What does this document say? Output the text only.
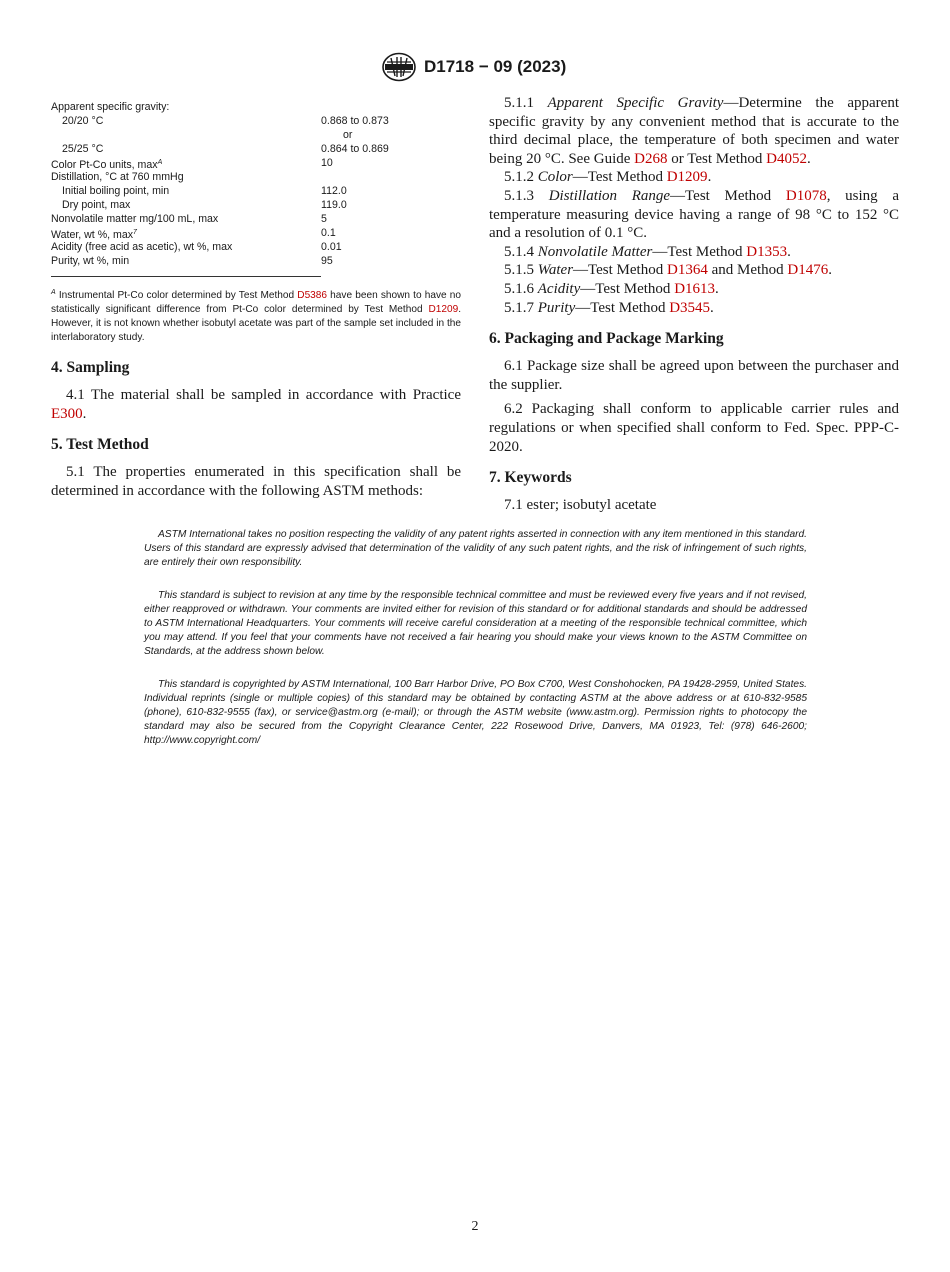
D1718 − 09 (2023)
Apparent specific gravity:
20/20 °C	0.868 to 0.873
or
25/25 °C	0.864 to 0.869
Color Pt-Co units, $\max^A$	10
Distillation, °C at 760 mmHg
Initial boiling point, min	112.0
Dry point, max	119.0
Nonvolatile matter mg/100 mL, max	5
Water, wt %, $\max^7$	0.1
Acidity (free acid as acetic), wt %, max	0.01
Purity, wt %, min	95
$^A$ Instrumental Pt-Co color determined by Test Method D5386 have been shown to have no statistically significant difference from Pt-Co color determined by Test Method D1209. However, it is not known whether isobutyl acetate was part of the sample set included in the interlaboratory study.
4. Sampling

4.1 The material shall be sampled in accordance with Practice E300.

5. Test Method

5.1 The properties enumerated in this specification shall be determined in accordance with the following ASTM methods:

5.1.1 Apparent Specific Gravity—Determine the apparent specific gravity by any convenient method that is accurate to the third decimal place, the temperature of both specimen and water being 20 °C. See Guide D268 or Test Method D4052.

5.1.2 Color—Test Method D1209.

5.1.3 Distillation Range—Test Method D1078, using a temperature measuring device having a range of 98 °C to 152 °C and a resolution of 0.1 °C.

5.1.4 Nonvolatile Matter—Test Method D1353.

5.1.5 Water—Test Method D1364 and Method D1476.

5.1.6 Acidity—Test Method D1613.

5.1.7 Purity—Test Method D3545.

6. Packaging and Package Marking

6.1 Package size shall be agreed upon between the purchaser and the supplier.

6.2 Packaging shall conform to applicable carrier rules and regulations or when specified shall conform to Fed. Spec. PPP-C-2020.

7. Keywords

7.1 ester; isobutyl acetate

ASTM International takes no position respecting the validity of any patent rights asserted in connection with any item mentioned in this standard. Users of this standard are expressly advised that determination of the validity of any such patent rights, and the risk of infringement of such rights, are entirely their own responsibility.

This standard is subject to revision at any time by the responsible technical committee and must be reviewed every five years and if not revised, either reapproved or withdrawn. Your comments are invited either for revision of this standard or for additional standards and should be addressed to ASTM International Headquarters. Your comments will receive careful consideration at a meeting of the responsible technical committee, which you may attend. If you feel that your comments have not received a fair hearing you should make your views known to the ASTM Committee on Standards, at the address shown below.

This standard is copyrighted by ASTM International, 100 Barr Harbor Drive, PO Box C700, West Conshohocken, PA 19428-2959, United States. Individual reprints (single or multiple copies) of this standard may be obtained by contacting ASTM at the above address or at 610-832-9585 (phone), 610-832-9555 (fax), or service@astm.org (e-mail); or through the ASTM website (www.astm.org). Permission rights to photocopy the standard may also be secured from the Copyright Clearance Center, 222 Rosewood Drive, Danvers, MA 01923, Tel: (978) 646-2600; http://www.copyright.com/

2
